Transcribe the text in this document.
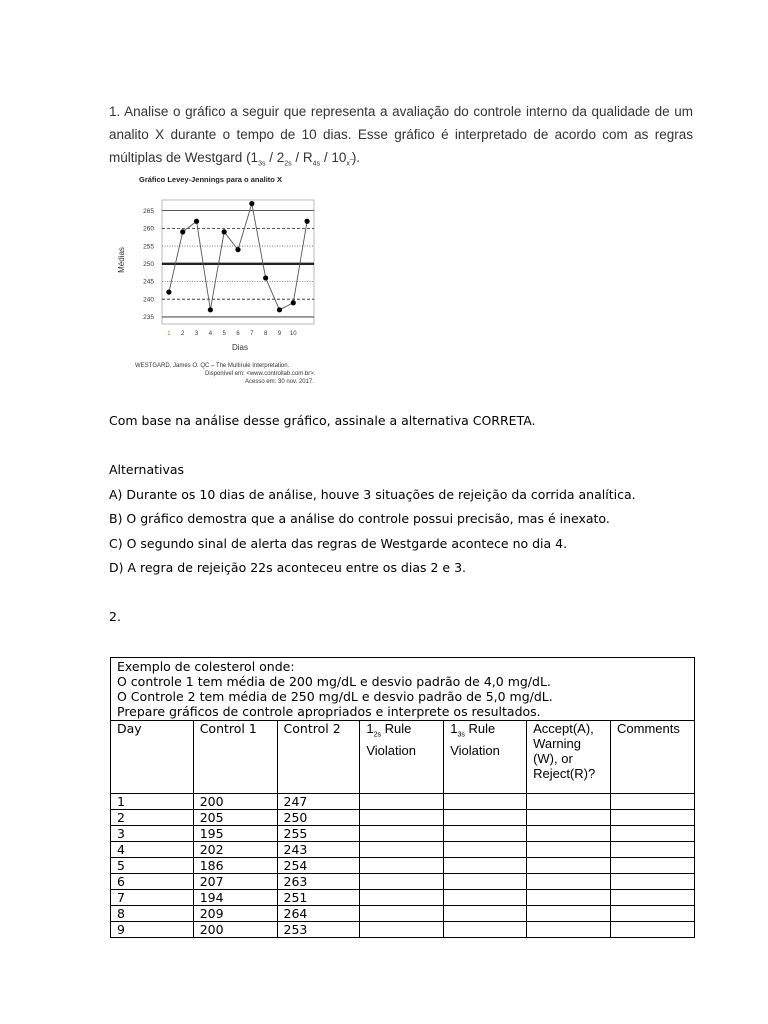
1. Analise o gráfico a seguir que representa a avaliação do controle interno da qualidade de um analito X durante o tempo de 10 dias. Esse gráfico é interpretado de acordo com as regras múltiplas de Westgard $(1_{3s} / 2_{2s} / R_{4s} / 10_{x ̅})$.
Gráfico Levey-Jennings para o analito X
Médias
235
240
245
250
255
260
265
1 2 3 4 5 6 7 8 9 10
Dias
WESTGARD, James O. QC – The Multirule Interpretation.
Disponível em: <www.controllab.com.br>.
Acesso em: 30 nov. 2017.
Com base na análise desse gráfico, assinale a alternativa CORRETA.
Alternativas
A) Durante os 10 dias de análise, houve 3 situações de rejeição da corrida analítica.
B) O gráfico demostra que a análise do controle possui precisão, mas é inexato.
C) O segundo sinal de alerta das regras de Westgarde acontece no dia 4.
D) A regra de rejeição 22s aconteceu entre os dias 2 e 3.
2.
Exemplo de colesterol onde:
O controle 1 tem média de 200 mg/dL e desvio padrão de 4,0 mg/dL.
O Controle 2 tem média de 250 mg/dL e desvio padrão de 5,0 mg/dL.
Prepare gráficos de controle apropriados e interprete os resultados.						

Day	Control 1	Control 2	$1_{2s}$ Rule Violation	$1_{3s}$ Rule Violation	Accept(A), Warning (W), or Reject(R)?	Comments
1	200	247				
2	205	250				
3	195	255				
4	202	243				
5	186	254				
6	207	263				
7	194	251				
8	209	264				
9	200	253				
